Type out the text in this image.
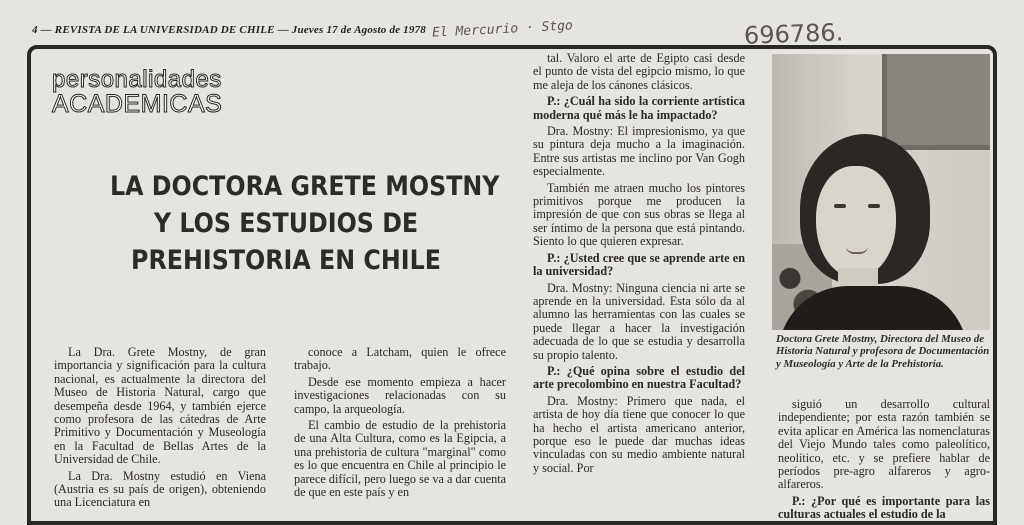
4 — REVISTA DE LA UNIVERSIDAD DE CHILE — Jueves 17 de Agosto de 1978 El Mercurio · Stgo	696786.
personalidades
ACADEMICAS
LA DOCTORA GRETE MOSTNY
Y LOS ESTUDIOS DE
PREHISTORIA EN CHILE

La Dra. Grete Mostny, de gran importancia y significación para la cultura nacional, es actualmente la directora del Museo de Historia Natural, cargo que desempeña desde 1964, y también ejerce como profesora de las cátedras de Arte Primitivo y Documentación y Museología en la Facultad de Bellas Artes de la Universidad de Chile.

La Dra. Mostny estudió en Viena (Austria es su país de origen), obteniendo una Licenciatura en

conoce a Latcham, quien le ofrece trabajo.

Desde ese momento empieza a hacer investigaciones relacionadas con su campo, la arqueología.

El cambio de estudio de la prehistoria de una Alta Cultura, como es la Egipcia, a una prehistoria de cultura "marginal" como es lo que encuentra en Chile al principio le parece difícil, pero luego se va a dar cuenta de que en este país y en

tal. Valoro el arte de Egipto casi desde el punto de vista del egipcio mismo, lo que me aleja de los cánones clásicos.

P.: ¿Cuál ha sido la corriente artística moderna qué más le ha impactado?

Dra. Mostny: El impresionismo, ya que su pintura deja mucho a la imaginación. Entre sus artistas me inclino por Van Gogh especialmente.

También me atraen mucho los pintores primitivos porque me producen la impresión de que con sus obras se llega al ser íntimo de la persona que está pintando. Siento lo que quieren expresar.

P.: ¿Usted cree que se aprende arte en la universidad?

Dra. Mostny: Ninguna ciencia ni arte se aprende en la universidad. Esta sólo da al alumno las herramientas con las cuales se puede llegar a hacer la investigación adecuada de lo que se estudia y desarrolla su propio talento.

P.: ¿Qué opina sobre el estudio del arte precolombino en nuestra Facultad?

Dra. Mostny: Primero que nada, el artista de hoy día tiene que conocer lo que ha hecho el artista americano anterior, porque eso le puede dar muchas ideas vinculadas con su medio ambiente natural y social. Por

siguió un desarrollo cultural independiente; por esta razón también se evita aplicar en América las nomenclaturas del Viejo Mundo tales como paleolítico, neolítico, etc. y se prefiere hablar de períodos pre-agro alfareros y agro-alfareros.

P.: ¿Por qué es importante para las culturas actuales el estudio de la

Doctora Grete Mostny, Directora del Museo de Historia Natural y profesora de Documentación y Museología y Arte de la Prehistoria.
